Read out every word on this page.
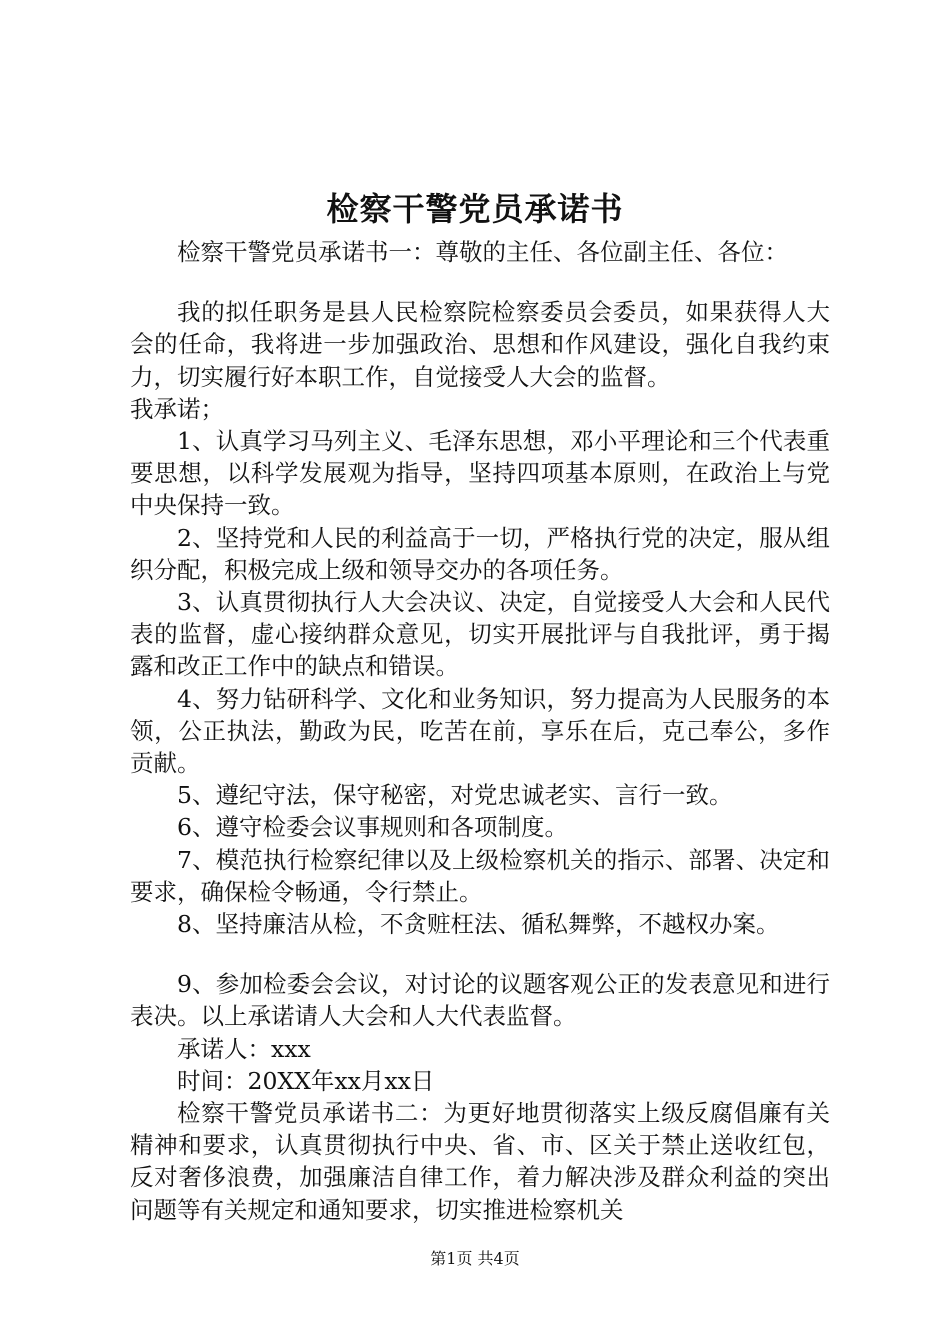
检察干警党员承诺书

检察干警党员承诺书一：尊敬的主任、各位副主任、各位：

我的拟任职务是县人民检察院检察委员会委员，如果获得人大会的任命，我将进一步加强政治、思想和作风建设，强化自我约束力，切实履行好本职工作，自觉接受人大会的监督。

我承诺；

1、认真学习马列主义、毛泽东思想，邓小平理论和三个代表重要思想，以科学发展观为指导，坚持四项基本原则，在政治上与党中央保持一致。

2、坚持党和人民的利益高于一切，严格执行党的决定，服从组织分配，积极完成上级和领导交办的各项任务。

3、认真贯彻执行人大会决议、决定，自觉接受人大会和人民代表的监督，虚心接纳群众意见，切实开展批评与自我批评，勇于揭露和改正工作中的缺点和错误。

4、努力钻研科学、文化和业务知识，努力提高为人民服务的本领，公正执法，勤政为民，吃苦在前，享乐在后，克己奉公，多作贡献。

5、遵纪守法，保守秘密，对党忠诚老实、言行一致。

6、遵守检委会议事规则和各项制度。

7、模范执行检察纪律以及上级检察机关的指示、部署、决定和要求，确保检令畅通，令行禁止。

8、坚持廉洁从检，不贪赃枉法、循私舞弊，不越权办案。

9、参加检委会会议，对讨论的议题客观公正的发表意见和进行表决。以上承诺请人大会和人大代表监督。

承诺人：xxx

时间：20XX年xx月xx日

检察干警党员承诺书二：为更好地贯彻落实上级反腐倡廉有关精神和要求，认真贯彻执行中央、省、市、区关于禁止送收红包，反对奢侈浪费，加强廉洁自律工作，着力解决涉及群众利益的突出问题等有关规定和通知要求，切实推进检察机关

第1页 共4页
